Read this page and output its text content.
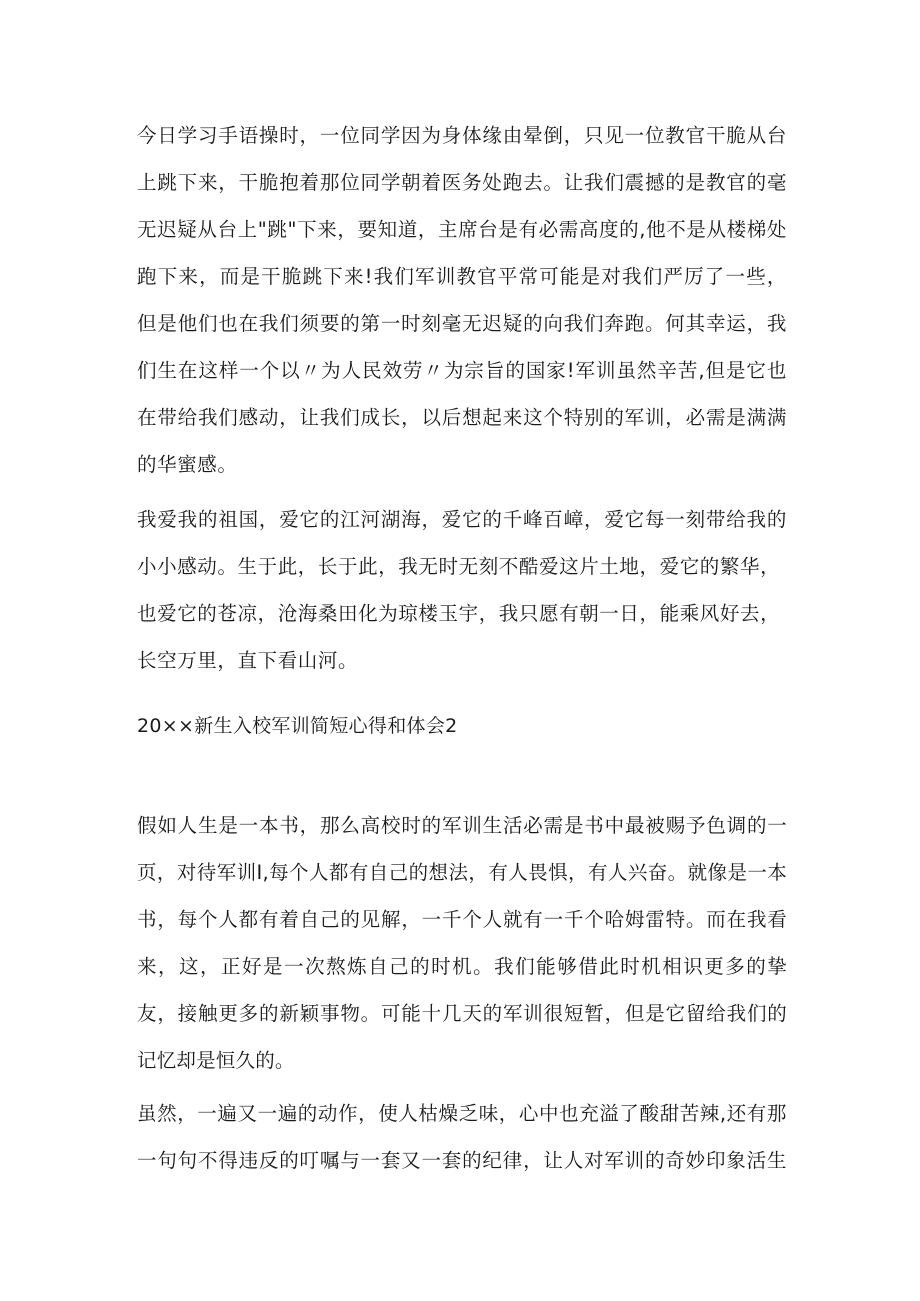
今日学习手语操时，一位同学因为身体缘由晕倒，只见一位教官干脆从台上跳下来，干脆抱着那位同学朝着医务处跑去。让我们震撼的是教官的毫无迟疑从台上"跳"下来，要知道，主席台是有必需高度的,他不是从楼梯处跑下来，而是干脆跳下来!我们军训教官平常可能是对我们严厉了一些，但是他们也在我们须要的第一时刻毫无迟疑的向我们奔跑。何其幸运，我们生在这样一个以〃为人民效劳〃为宗旨的国家!军训虽然辛苦,但是它也在带给我们感动，让我们成长，以后想起来这个特别的军训，必需是满满的华蜜感。

我爱我的祖国，爱它的江河湖海，爱它的千峰百嶂，爱它每一刻带给我的

小小感动。生于此，长于此，我无时无刻不酷爱这片土地，爱它的繁华，

也爱它的苍凉，沧海桑田化为琼楼玉宇，我只愿有朝一日，能乘风好去，

长空万里，直下看山河。

20××新生入校军训简短心得和体会2

假如人生是一本书，那么高校时的军训生活必需是书中最被赐予色调的一页，对待军训I,每个人都有自己的想法，有人畏惧，有人兴奋。就像是一本书，每个人都有着自己的见解，一千个人就有一千个哈姆雷特。而在我看来，这，正好是一次熬炼自己的时机。我们能够借此时机相识更多的挚友，接触更多的新颖事物。可能十几天的军训很短暂，但是它留给我们的记忆却是恒久的。

虽然，一遍又一遍的动作，使人枯燥乏味，心中也充溢了酸甜苦辣,还有那一句句不得违反的叮嘱与一套又一套的纪律，让人对军训的奇妙印象活生
